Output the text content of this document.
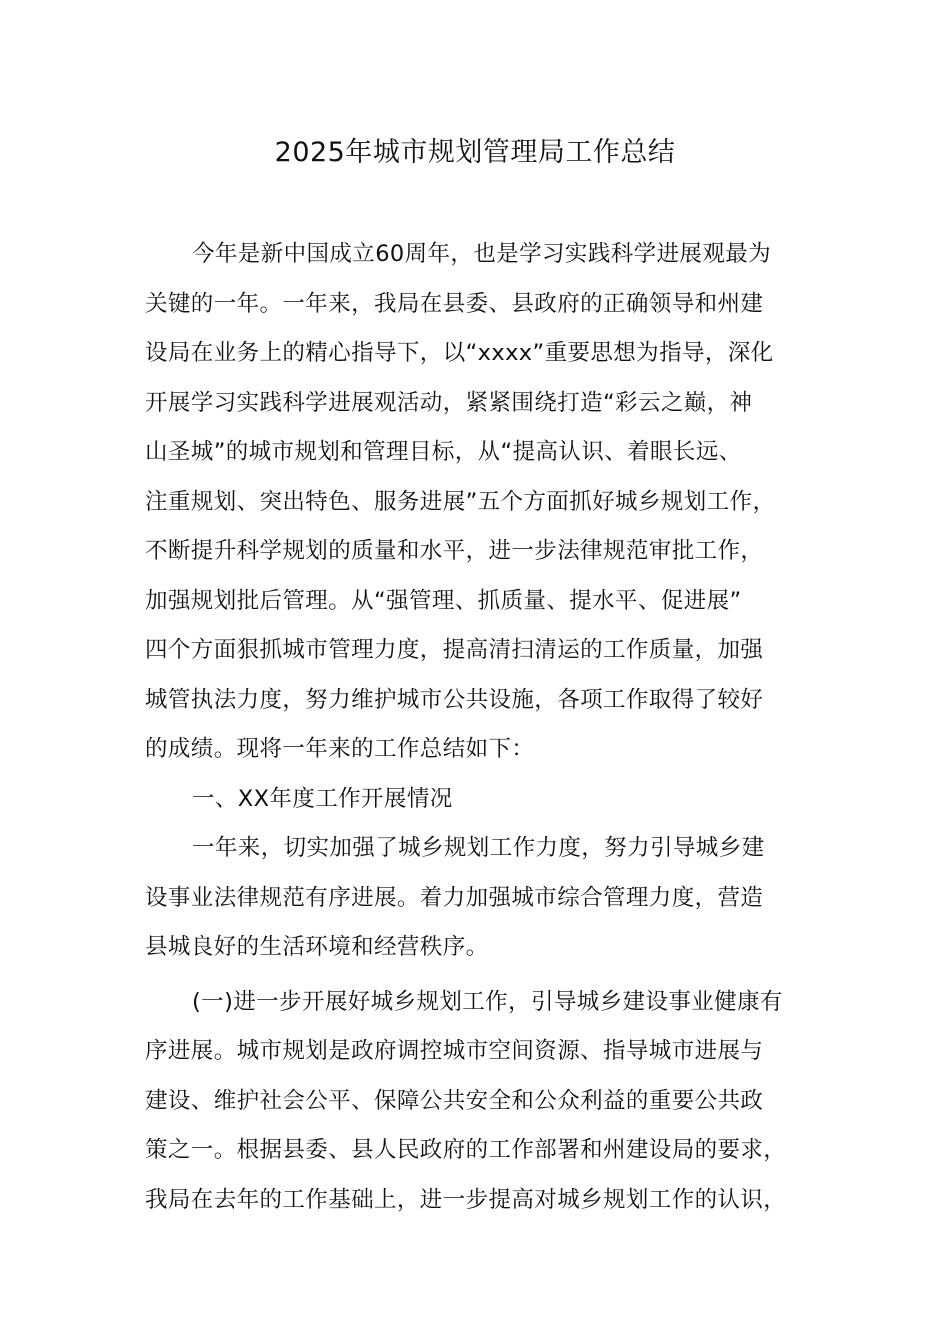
2025年城市规划管理局工作总结
今年是新中国成立60周年，也是学习实践科学进展观最为
关键的一年。一年来，我局在县委、县政府的正确领导和州建
设局在业务上的精心指导下，以“xxxx”重要思想为指导，深化
开展学习实践科学进展观活动，紧紧围绕打造“彩云之巅，神
山圣城”的城市规划和管理目标，从“提高认识、着眼长远、
注重规划、突出特色、服务进展”五个方面抓好城乡规划工作，
不断提升科学规划的质量和水平，进一步法律规范审批工作，
加强规划批后管理。从“强管理、抓质量、提水平、促进展”
四个方面狠抓城市管理力度，提高清扫清运的工作质量，加强
城管执法力度，努力维护城市公共设施，各项工作取得了较好
的成绩。现将一年来的工作总结如下：
一、XX年度工作开展情况
一年来，切实加强了城乡规划工作力度，努力引导城乡建
设事业法律规范有序进展。着力加强城市综合管理力度，营造
县城良好的生活环境和经营秩序。
(一)进一步开展好城乡规划工作，引导城乡建设事业健康有
序进展。城市规划是政府调控城市空间资源、指导城市进展与
建设、维护社会公平、保障公共安全和公众利益的重要公共政
策之一。根据县委、县人民政府的工作部署和州建设局的要求，
我局在去年的工作基础上，进一步提高对城乡规划工作的认识，
